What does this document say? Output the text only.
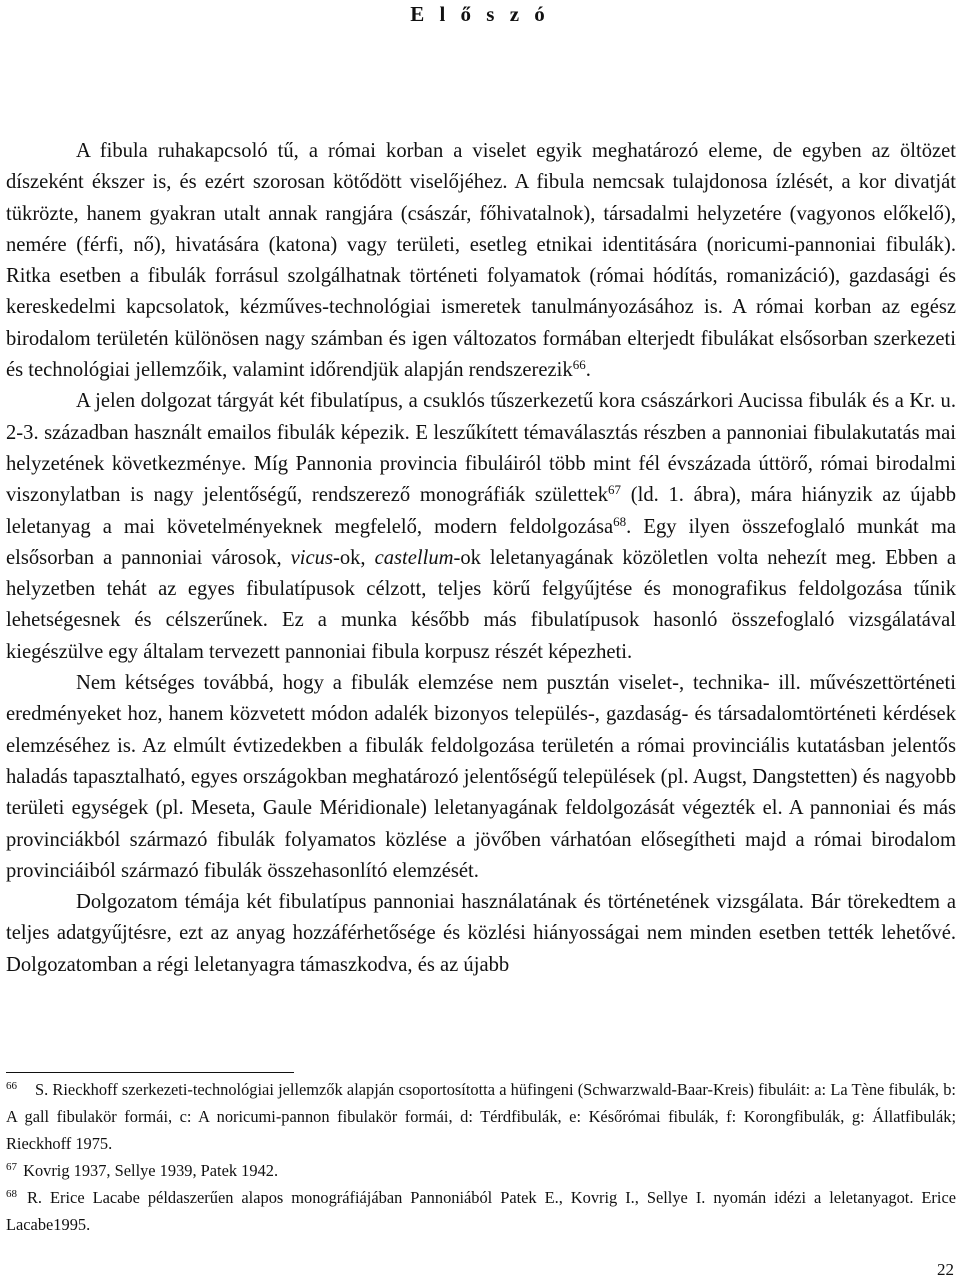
E l ő s z ó

A fibula ruhakapcsoló tű, a római korban a viselet egyik meghatározó eleme, de egyben az öltözet díszeként ékszer is, és ezért szorosan kötődött viselőjéhez. A fibula nemcsak tulajdonosa ízlését, a kor divatját tükrözte, hanem gyakran utalt annak rangjára (császár, főhivatalnok), társadalmi helyzetére (vagyonos előkelő), nemére (férfi, nő), hivatására (katona) vagy területi, esetleg etnikai identitására (noricumi-pannoniai fibulák). Ritka esetben a fibulák forrásul szolgálhatnak történeti folyamatok (római hódítás, romanizáció), gazdasági és kereskedelmi kapcsolatok, kézműves-technológiai ismeretek tanulmányozásához is. A római korban az egész birodalom területén különösen nagy számban és igen változatos formában elterjedt fibulákat elsősorban szerkezeti és technológiai jellemzőik, valamint időrendjük alapján rendszerezik$^{66}$.

A jelen dolgozat tárgyát két fibulatípus, a csuklós tűszerkezetű kora császárkori Aucissa fibulák és a Kr. u. 2-3. században használt emailos fibulák képezik. E leszűkített témaválasztás részben a pannoniai fibulakutatás mai helyzetének következménye. Míg Pannonia provincia fibuláiról több mint fél évszázada úttörő, római birodalmi viszonylatban is nagy jelentőségű, rendszerező monográfiák születtek$^{67}$ (ld. 1. ábra), mára hiányzik az újabb leletanyag a mai követelményeknek megfelelő, modern feldolgozása$^{68}$. Egy ilyen összefoglaló munkát ma elsősorban a pannoniai városok, vicus-ok, castellum-ok leletanyagának közöletlen volta nehezít meg. Ebben a helyzetben tehát az egyes fibulatípusok célzott, teljes körű felgyűjtése és monografikus feldolgozása tűnik lehetségesnek és célszerűnek. Ez a munka később más fibulatípusok hasonló összefoglaló vizsgálatával kiegészülve egy általam tervezett pannoniai fibula korpusz részét képezheti.

Nem kétséges továbbá, hogy a fibulák elemzése nem pusztán viselet-, technika- ill. művészettörténeti eredményeket hoz, hanem közvetett módon adalék bizonyos település-, gazdaság- és társadalomtörténeti kérdések elemzéséhez is. Az elmúlt évtizedekben a fibulák feldolgozása területén a római provinciális kutatásban jelentős haladás tapasztalható, egyes országokban meghatározó jelentőségű települések (pl. Augst, Dangstetten) és nagyobb területi egységek (pl. Meseta, Gaule Méridionale) leletanyagának feldolgozását végezték el. A pannoniai és más provinciákból származó fibulák folyamatos közlése a jövőben várhatóan elősegítheti majd a római birodalom provinciáiból származó fibulák összehasonlító elemzését.

Dolgozatom témája két fibulatípus pannoniai használatának és történetének vizsgálata. Bár törekedtem a teljes adatgyűjtésre, ezt az anyag hozzáférhetősége és közlési hiányosságai nem minden esetben tették lehetővé. Dolgozatomban a régi leletanyagra támaszkodva, és az újabb

$^{66}$ S. Rieckhoff szerkezeti-technológiai jellemzők alapján csoportosította a hüfingeni (Schwarzwald-Baar-Kreis) fibuláit: a: La Tène fibulák, b: A gall fibulakör formái, c: A noricumi-pannon fibulakör formái, d: Térdfibulák, e: Későrómai fibulák, f: Korongfibulák, g: Állatfibulák; Rieckhoff 1975.

$^{67}$ Kovrig 1937, Sellye 1939, Patek 1942.

$^{68}$ R. Erice Lacabe példaszerűen alapos monográfiájában Pannoniából Patek E., Kovrig I., Sellye I. nyomán idézi a leletanyagot. Erice Lacabe1995.

22
